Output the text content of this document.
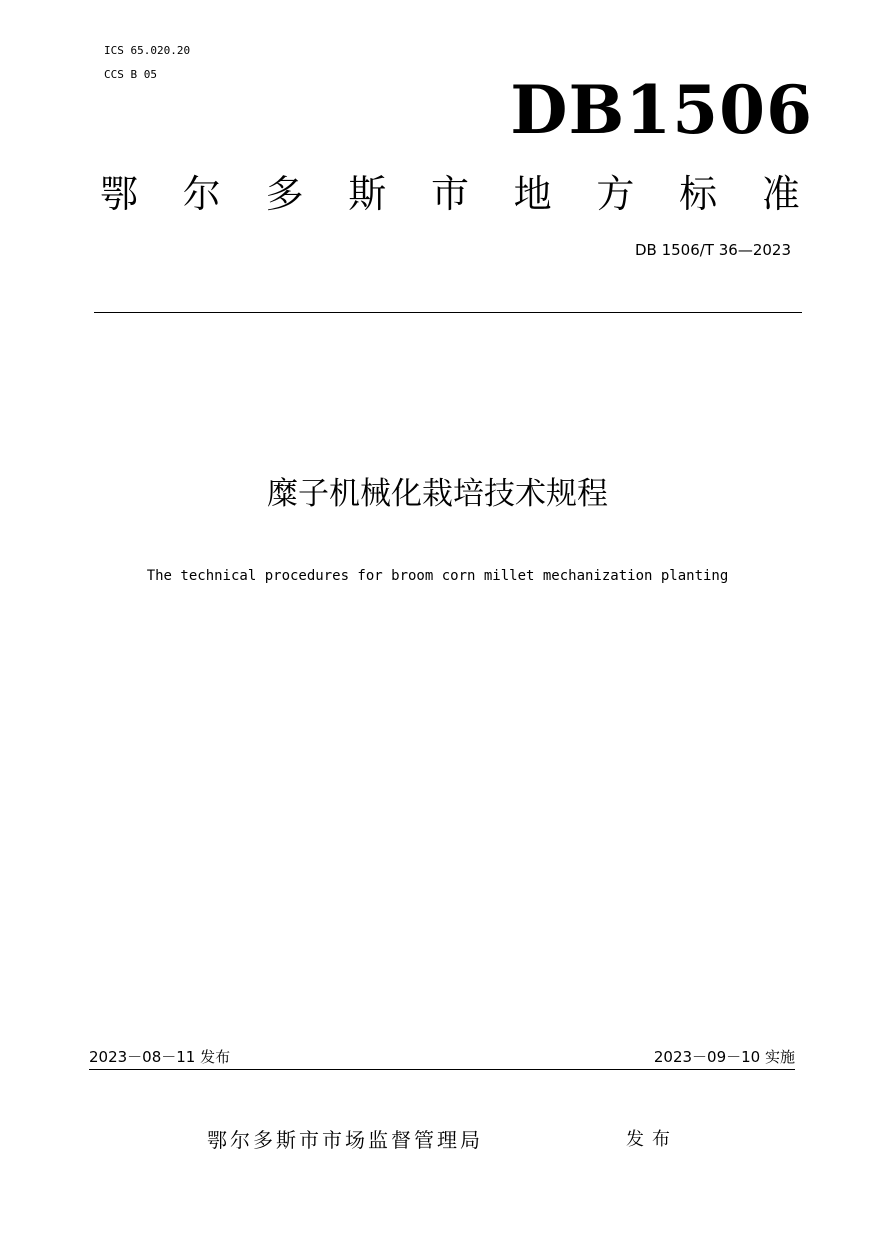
ICS 65.020.20
CCS B 05	DB1506
鄂 尔 多 斯 市 地 方 标 准
DB 1506/T 36—2023
糜子机械化栽培技术规程
The technical procedures for broom corn millet mechanization planting
2023－08－11 发布	2023－09－10 实施
鄂尔多斯市市场监督管理局	发布
